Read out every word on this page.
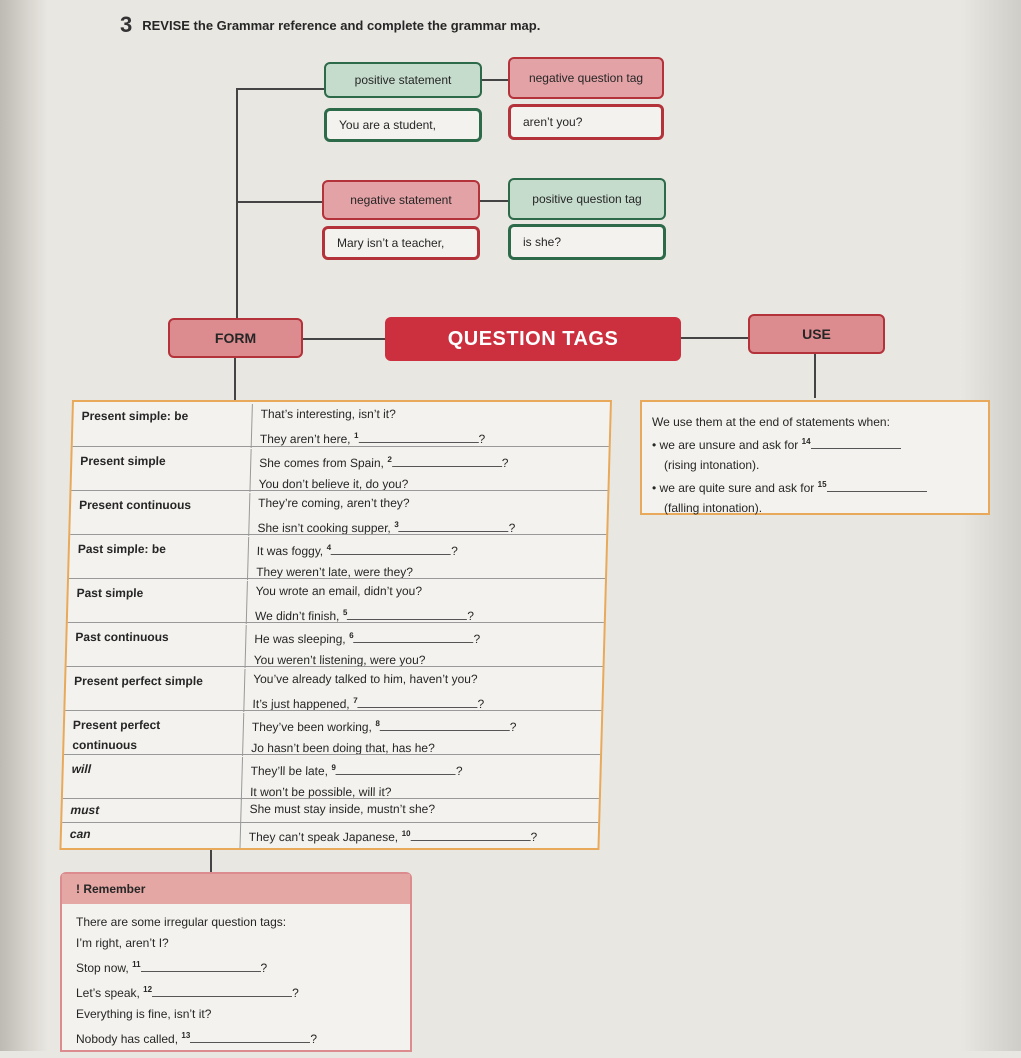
3 REVISE the Grammar reference and complete the grammar map.
positive statement	negative question tag
You are a student,	aren’t you?
negative statement	positive question tag
Mary isn’t a teacher,	is she?
FORM	QUESTION TAGS	USE
We use them at the end of statements when:
• we are unsure and ask for $^{14}$
(rising intonation).
• we are quite sure and ask for $^{15}$
(falling intonation).
Present simple: be	That’s interesting, isn’t it?
They aren’t here, $^1$	?
Present simple	She comes from Spain, $^2$	?
You don’t believe it, do you?
Present continuous	They’re coming, aren’t they?
She isn’t cooking supper, $^3$	?
Past simple: be	It was foggy, $^4$	?
They weren’t late, were they?
Past simple	You wrote an email, didn’t you?
We didn’t finish, $^5$	?
Past continuous	He was sleeping, $^6$	?
You weren’t listening, were you?
Present perfect simple	You’ve already talked to him, haven’t you?
It’s just happened, $^7$	?
Present perfect
continuous
They’ve been working, $^8$	?
Jo hasn’t been doing that, has he?
will	They’ll be late, $^9$	?
It won’t be possible, will it?
must	She must stay inside, mustn’t she?
can	They can’t speak Japanese, $^{10}$	?
! Remember
There are some irregular question tags:
I’m right, aren’t I?
Stop now, $^{11}$	?
Let’s speak, $^{12}$	?
Everything is fine, isn’t it?
Nobody has called, $^{13}$	?
